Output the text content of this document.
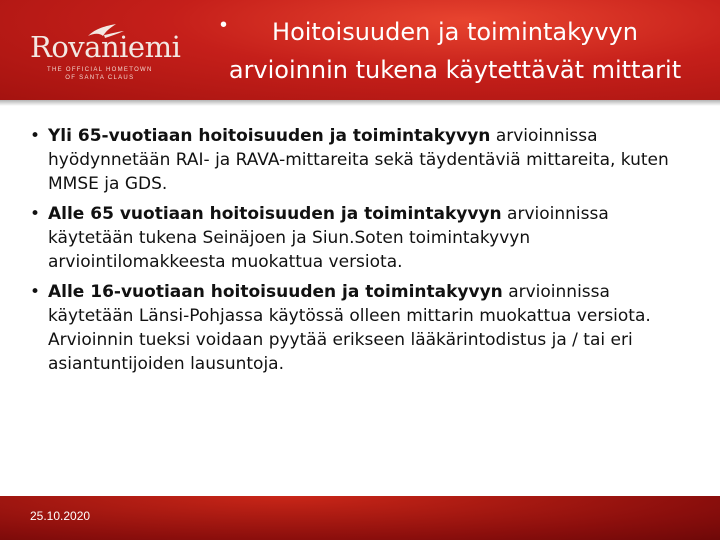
Rovaniemi
THE OFFICIAL HOMETOWN
OF SANTA CLAUS
•	Hoitoisuuden ja toimintakyvyn
arvioinnin tukena käytettävät mittarit
• Yli 65-vuotiaan hoitoisuuden ja toimintakyvyn arvioinnissa hyödynnetään RAI- ja RAVA-mittareita sekä täydentäviä mittareita, kuten MMSE ja GDS.
• Alle 65 vuotiaan hoitoisuuden ja toimintakyvyn arvioinnissa käytetään tukena Seinäjoen ja Siun.Soten toimintakyvyn arviointilomakkeesta muokattua versiota.
• Alle 16-vuotiaan hoitoisuuden ja toimintakyvyn arvioinnissa käytetään Länsi-Pohjassa käytössä olleen mittarin muokattua versiota. Arvioinnin tueksi voidaan pyytää erikseen lääkärintodistus ja / tai eri asiantuntijoiden lausuntoja.
25.10.2020
